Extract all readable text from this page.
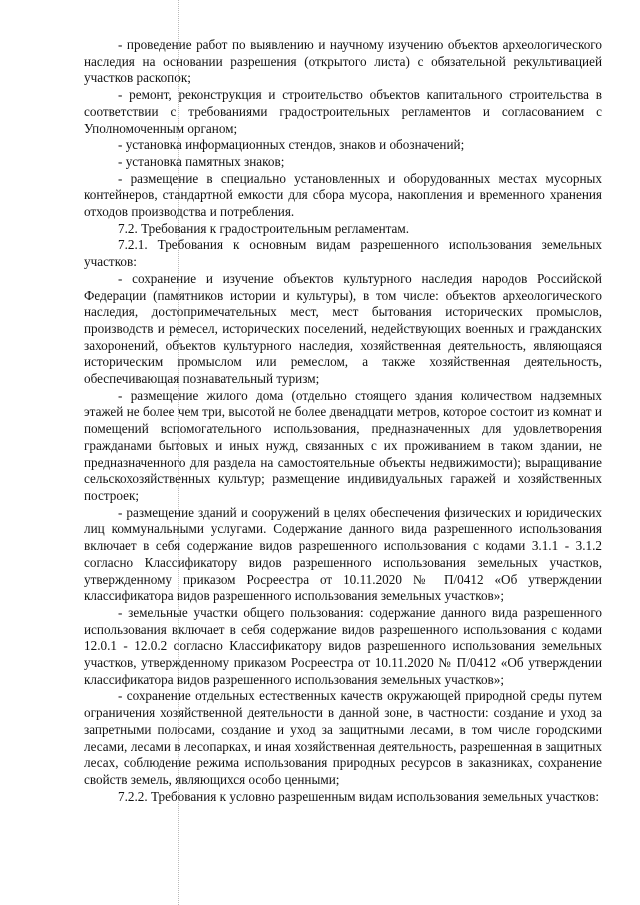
- проведение работ по выявлению и научному изучению объектов археологического наследия на основании разрешения (открытого листа) с обязательной рекультивацией участков раскопок;

- ремонт, реконструкция и строительство объектов капитального строительства в соответствии с требованиями градостроительных регламентов и согласованием с Уполномоченным органом;

- установка информационных стендов, знаков и обозначений;

- установка памятных знаков;

- размещение в специально установленных и оборудованных местах мусорных контейнеров, стандартной емкости для сбора мусора, накопления и временного хранения отходов производства и потребления.

7.2. Требования к градостроительным регламентам.

7.2.1. Требования к основным видам разрешенного использования земельных участков:

- сохранение и изучение объектов культурного наследия народов Российской Федерации (памятников истории и культуры), в том числе: объектов археологического наследия, достопримечательных мест, мест бытования исторических промыслов, производств и ремесел, исторических поселений, недействующих военных и гражданских захоронений, объектов культурного наследия, хозяйственная деятельность, являющаяся историческим промыслом или ремеслом, а также хозяйственная деятельность, обеспечивающая познавательный туризм;

- размещение жилого дома (отдельно стоящего здания количеством надземных этажей не более чем три, высотой не более двенадцати метров, которое состоит из комнат и помещений вспомогательного использования, предназначенных для удовлетворения гражданами бытовых и иных нужд, связанных с их проживанием в таком здании, не предназначенного для раздела на самостоятельные объекты недвижимости); выращивание сельскохозяйственных культур; размещение индивидуальных гаражей и хозяйственных построек;

- размещение зданий и сооружений в целях обеспечения физических и юридических лиц коммунальными услугами. Содержание данного вида разрешенного использования включает в себя содержание видов разрешенного использования с кодами 3.1.1 - 3.1.2 согласно Классификатору видов разрешенного использования земельных участков, утвержденному приказом Росреестра от 10.11.2020 № П/0412 «Об утверждении классификатора видов разрешенного использования земельных участков»;

- земельные участки общего пользования: содержание данного вида разрешенного использования включает в себя содержание видов разрешенного использования с кодами 12.0.1 - 12.0.2 согласно Классификатору видов разрешенного использования земельных участков, утвержденному приказом Росреестра от 10.11.2020 № П/0412 «Об утверждении классификатора видов разрешенного использования земельных участков»;

- сохранение отдельных естественных качеств окружающей природной среды путем ограничения хозяйственной деятельности в данной зоне, в частности: создание и уход за запретными полосами, создание и уход за защитными лесами, в том числе городскими лесами, лесами в лесопарках, и иная хозяйственная деятельность, разрешенная в защитных лесах, соблюдение режима использования природных ресурсов в заказниках, сохранение свойств земель, являющихся особо ценными;

7.2.2. Требования к условно разрешенным видам использования земельных участков:
